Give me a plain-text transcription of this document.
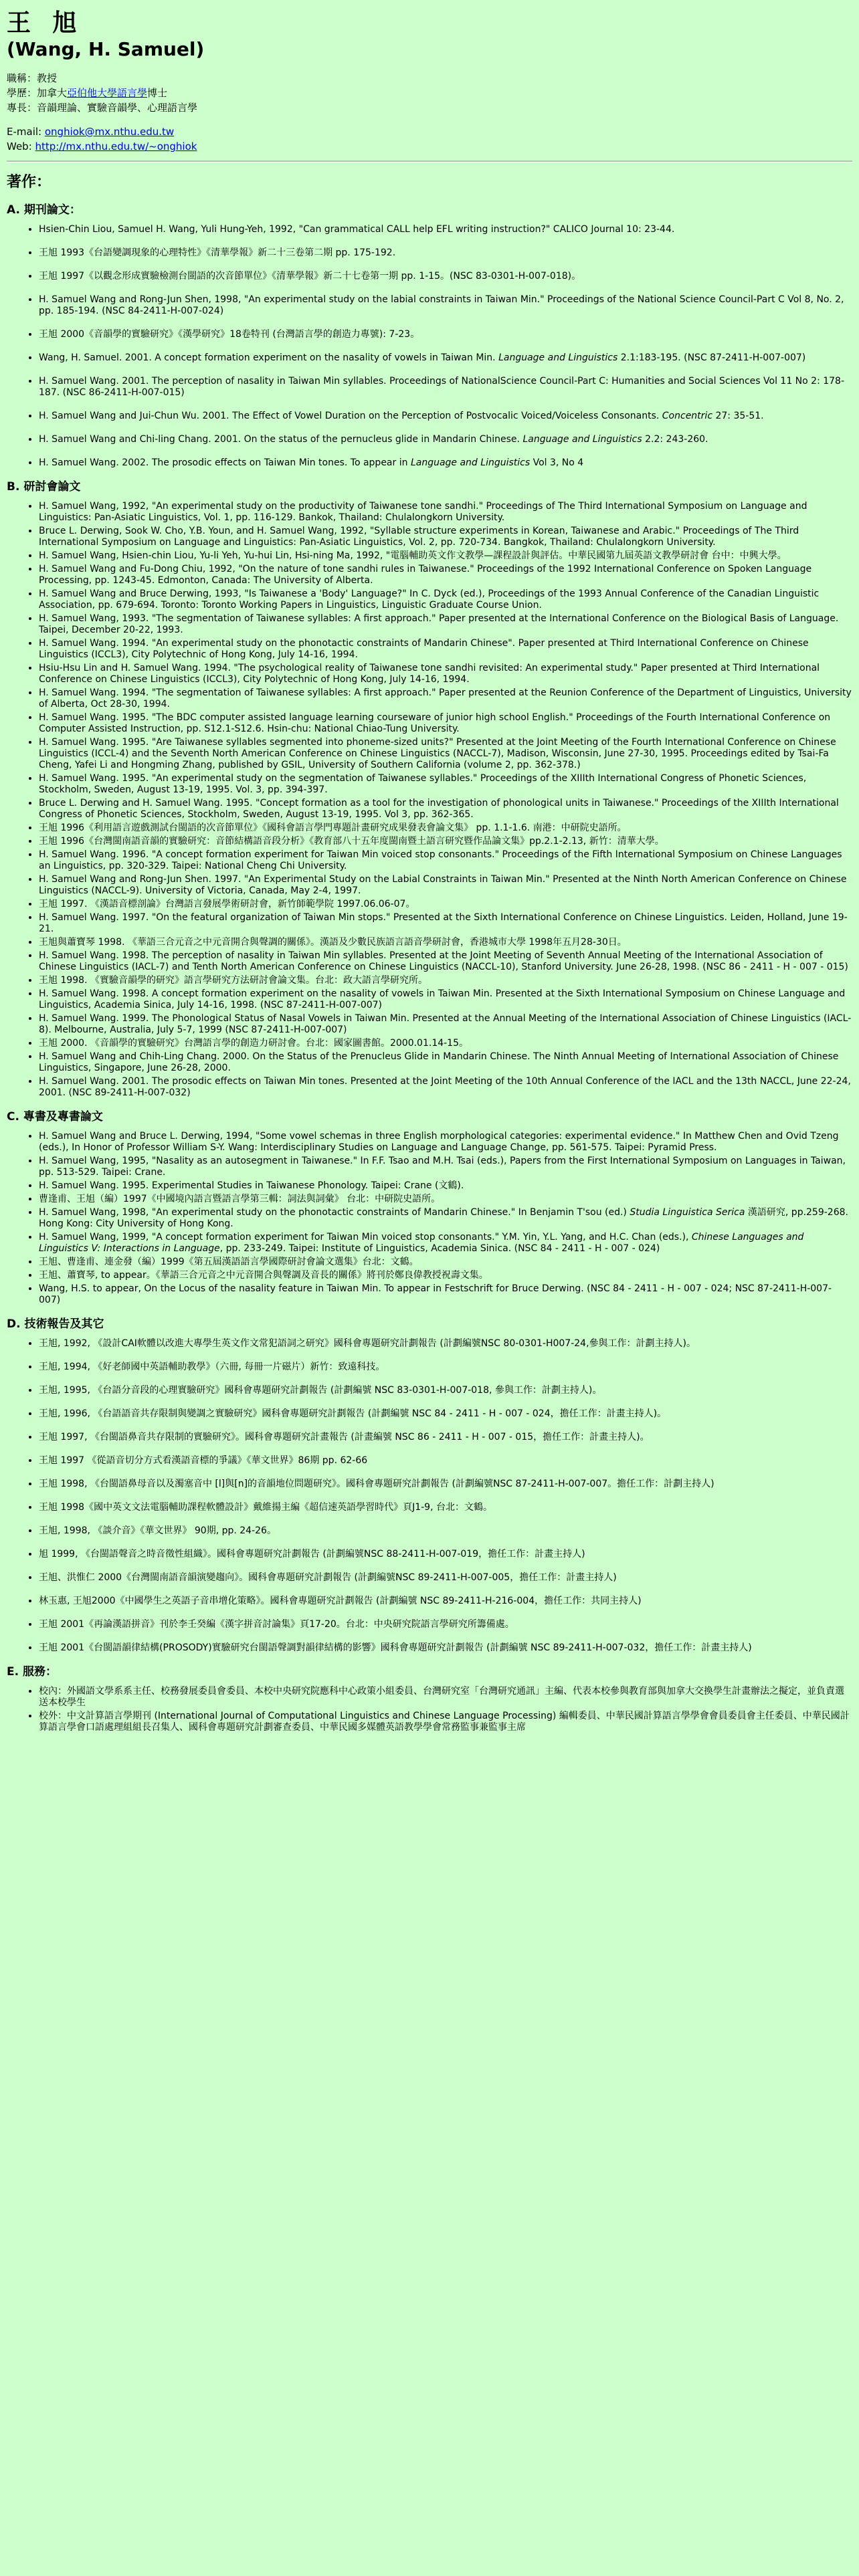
王 旭
(Wang, H. Samuel)

職稱：教授

學歷：加拿大亞伯他大學語言學博士

專長：音韻理論、實驗音韻學、心理語言學

E-mail: onghiok@mx.nthu.edu.tw

Web: http://mx.nthu.edu.tw/~onghiok

著作：
A. 期刊論文：
• Hsien-Chin Liou, Samuel H. Wang, Yuli Hung-Yeh, 1992, "Can grammatical CALL help EFL writing instruction?" CALICO Journal 10: 23-44.
• 王旭 1993《台語變調現象的心理特性》《清華學報》新二十三卷第二期 pp. 175-192.
• 王旭 1997《以觀念形成實驗檢測台閩語的次音節單位》《清華學報》新二十七卷第一期 pp. 1-15。(NSC 83-0301-H-007-018)。
• H. Samuel Wang and Rong-Jun Shen, 1998, "An experimental study on the labial constraints in Taiwan Min." Proceedings of the National Science Council-Part C Vol 8, No. 2, pp. 185-194. (NSC 84-2411-H-007-024)
• 王旭 2000《音韻學的實驗研究》《漢學研究》18卷特刊 (台灣語言學的創造力專號): 7-23。
• Wang, H. Samuel. 2001. A concept formation experiment on the nasality of vowels in Taiwan Min. Language and Linguistics 2.1:183-195. (NSC 87-2411-H-007-007)
• H. Samuel Wang. 2001. The perception of nasality in Taiwan Min syllables. Proceedings of NationalScience Council-Part C: Humanities and Social Sciences Vol 11 No 2: 178-187. (NSC 86-2411-H-007-015)
• H. Samuel Wang and Jui-Chun Wu. 2001. The Effect of Vowel Duration on the Perception of Postvocalic Voiced/Voiceless Consonants. Concentric 27: 35-51.
• H. Samuel Wang and Chi-ling Chang. 2001. On the status of the pernucleus glide in Mandarin Chinese. Language and Linguistics 2.2: 243-260.
• H. Samuel Wang. 2002. The prosodic effects on Taiwan Min tones. To appear in Language and Linguistics Vol 3, No 4
B. 研討會論文
• H. Samuel Wang, 1992, "An experimental study on the productivity of Taiwanese tone sandhi." Proceedings of The Third International Symposium on Language and Linguistics: Pan-Asiatic Linguistics, Vol. 1, pp. 116-129. Bankok, Thailand: Chulalongkorn University.
• Bruce L. Derwing, Sook W. Cho, Y.B. Youn, and H. Samuel Wang, 1992, "Syllable structure experiments in Korean, Taiwanese and Arabic." Proceedings of The Third International Symposium on Language and Linguistics: Pan-Asiatic Linguistics, Vol. 2, pp. 720-734. Bangkok, Thailand: Chulalongkorn University.
• H. Samuel Wang, Hsien-chin Liou, Yu-li Yeh, Yu-hui Lin, Hsi-ning Ma, 1992, "電腦輔助英文作文教學—課程設計與評估。中華民國第九屆英語文教學研討會 台中：中興大學。
• H. Samuel Wang and Fu-Dong Chiu, 1992, "On the nature of tone sandhi rules in Taiwanese." Proceedings of the 1992 International Conference on Spoken Language Processing, pp. 1243-45. Edmonton, Canada: The University of Alberta.
• H. Samuel Wang and Bruce Derwing, 1993, "Is Taiwanese a 'Body' Language?" In C. Dyck (ed.), Proceedings of the 1993 Annual Conference of the Canadian Linguistic Association, pp. 679-694. Toronto: Toronto Working Papers in Linguistics, Linguistic Graduate Course Union.
• H. Samuel Wang, 1993. "The segmentation of Taiwanese syllables: A first approach." Paper presented at the International Conference on the Biological Basis of Language. Taipei, December 20-22, 1993.
• H. Samuel Wang. 1994. "An experimental study on the phonotactic constraints of Mandarin Chinese". Paper presented at Third International Conference on Chinese Linguistics (ICCL3), City Polytechnic of Hong Kong, July 14-16, 1994.
• Hsiu-Hsu Lin and H. Samuel Wang. 1994. "The psychological reality of Taiwanese tone sandhi revisited: An experimental study." Paper presented at Third International Conference on Chinese Linguistics (ICCL3), City Polytechnic of Hong Kong, July 14-16, 1994.
• H. Samuel Wang. 1994. "The segmentation of Taiwanese syllables: A first approach." Paper presented at the Reunion Conference of the Department of Linguistics, University of Alberta, Oct 28-30, 1994.
• H. Samuel Wang. 1995. "The BDC computer assisted language learning courseware of junior high school English." Proceedings of the Fourth International Conference on Computer Assisted Instruction, pp. S12.1-S12.6. Hsin-chu: National Chiao-Tung University.
• H. Samuel Wang. 1995. "Are Taiwanese syllables segmented into phoneme-sized units?" Presented at the Joint Meeting of the Fourth International Conference on Chinese Linguistics (ICCL-4) and the Seventh North American Conference on Chinese Linguistics (NACCL-7), Madison, Wisconsin, June 27-30, 1995. Proceedings edited by Tsai-Fa Cheng, Yafei Li and Hongming Zhang, published by GSIL, University of Southern California (volume 2, pp. 362-378.)
• H. Samuel Wang. 1995. "An experimental study on the segmentation of Taiwanese syllables." Proceedings of the XIIIth International Congress of Phonetic Sciences, Stockholm, Sweden, August 13-19, 1995. Vol. 3, pp. 394-397.
• Bruce L. Derwing and H. Samuel Wang. 1995. "Concept formation as a tool for the investigation of phonological units in Taiwanese." Proceedings of the XIIIth International Congress of Phonetic Sciences, Stockholm, Sweden, August 13-19, 1995. Vol 3, pp. 362-365.
• 王旭 1996《利用語言遊戲測試台閩語的次音節單位》《國科會語言學門專題計畫研究成果發表會論文集》 pp. 1.1-1.6. 南港：中研院史語所。
• 王旭 1996《台灣閩南語音韻的實驗研究：音節結構語音段分析》《教育部八十五年度閩南暨土語言研究暨作品論文集》pp.2.1-2.13, 新竹：清華大學。
• H. Samuel Wang. 1996. "A concept formation experiment for Taiwan Min voiced stop consonants." Proceedings of the Fifth International Symposium on Chinese Languages an Linguistics, pp. 320-329. Taipei: National Cheng Chi University.
• H. Samuel Wang and Rong-Jun Shen. 1997. "An Experimental Study on the Labial Constraints in Taiwan Min." Presented at the Ninth North American Conference on Chinese Linguistics (NACCL-9). University of Victoria, Canada, May 2-4, 1997.
• 王旭 1997. 《漢語音標剖論》台灣語言發展學術研討會，新竹師範學院 1997.06.06-07。
• H. Samuel Wang. 1997. "On the featural organization of Taiwan Min stops." Presented at the Sixth International Conference on Chinese Linguistics. Leiden, Holland, June 19-21.
• 王旭與蕭寶琴 1998. 《華語三合元音之中元音開合與聲調的關係》。漢語及少數民族語言語音學研討會，香港城市大學 1998年五月28-30日。
• H. Samuel Wang. 1998. The perception of nasality in Taiwan Min syllables. Presented at the Joint Meeting of Seventh Annual Meeting of the International Association of Chinese Linguistics (IACL-7) and Tenth North American Conference on Chinese Linguistics (NACCL-10), Stanford University. June 26-28, 1998. (NSC 86 - 2411 - H - 007 - 015)
• 王旭 1998. 《實驗音韻學的研究》語言學研究方法研討會論文集。台北：政大語言學研究所。
• H. Samuel Wang. 1998. A concept formation experiment on the nasality of vowels in Taiwan Min. Presented at the Sixth International Symposium on Chinese Language and Linguistics, Academia Sinica, July 14-16, 1998. (NSC 87-2411-H-007-007)
• H. Samuel Wang. 1999. The Phonological Status of Nasal Vowels in Taiwan Min. Presented at the Annual Meeting of the International Association of Chinese Linguistics (IACL-8). Melbourne, Australia, July 5-7, 1999 (NSC 87-2411-H-007-007)
• 王旭 2000. 《音韻學的實驗研究》台灣語言學的創造力研討會。台北：國家圖書館。2000.01.14-15。
• H. Samuel Wang and Chih-Ling Chang. 2000. On the Status of the Prenucleus Glide in Mandarin Chinese. The Ninth Annual Meeting of International Association of Chinese Linguistics, Singapore, June 26-28, 2000.
• H. Samuel Wang. 2001. The prosodic effects on Taiwan Min tones. Presented at the Joint Meeting of the 10th Annual Conference of the IACL and the 13th NACCL, June 22-24, 2001. (NSC 89-2411-H-007-032)
C. 專書及專書論文
• H. Samuel Wang and Bruce L. Derwing, 1994, "Some vowel schemas in three English morphological categories: experimental evidence." In Matthew Chen and Ovid Tzeng (eds.), In Honor of Professor William S-Y. Wang: Interdisciplinary Studies on Language and Language Change, pp. 561-575. Taipei: Pyramid Press.
• H. Samuel Wang, 1995, "Nasality as an autosegment in Taiwanese." In F.F. Tsao and M.H. Tsai (eds.), Papers from the First International Symposium on Languages in Taiwan, pp. 513-529. Taipei: Crane.
• H. Samuel Wang. 1995. Experimental Studies in Taiwanese Phonology. Taipei: Crane (文鶴).
• 曹逢甫、王旭（編）1997《中國境內語言暨語言學第三輯：詞法與詞彙》 台北：中研院史語所。
• H. Samuel Wang, 1998, "An experimental study on the phonotactic constraints of Mandarin Chinese." In Benjamin T'sou (ed.) Studia Linguistica Serica 漢語研究, pp.259-268. Hong Kong: City University of Hong Kong.
• H. Samuel Wang, 1999, "A concept formation experiment for Taiwan Min voiced stop consonants." Y.M. Yin, Y.L. Yang, and H.C. Chan (eds.), Chinese Languages and Linguistics V: Interactions in Language, pp. 233-249. Taipei: Institute of Linguistics, Academia Sinica. (NSC 84 - 2411 - H - 007 - 024)
• 王旭、曹逢甫、連金發（編）1999《第五屆漢語語言學國際研討會論文選集》台北：文鶴。
• 王旭、蕭寶琴, to appear。《華語三合元音之中元音開合與聲調及音長的關係》將刊於鄭良偉教授祝壽文集。
• Wang, H.S. to appear, On the Locus of the nasality feature in Taiwan Min. To appear in Festschrift for Bruce Derwing. (NSC 84 - 2411 - H - 007 - 024; NSC 87-2411-H-007-007)
D. 技術報告及其它
• 王旭, 1992, 《設計CAI軟體以改進大專學生英文作文常犯語詞之研究》國科會專題研究計劃報告 (計劃編號NSC 80-0301-H007-24,參與工作：計劃主持人)。
• 王旭, 1994, 《好老師國中英語輔助教學》（六冊, 每冊一片磁片）新竹：致遠科技。
• 王旭, 1995, 《台語分音段的心理實驗研究》國科會專題研究計劃報告 (計劃編號 NSC 83-0301-H-007-018, 參與工作：計劃主持人)。
• 王旭, 1996, 《台語語音共存限制與變調之實驗研究》國科會專題研究計劃報告 (計劃編號 NSC 84 - 2411 - H - 007 - 024，擔任工作：計畫主持人)。
• 王旭 1997, 《台閩語鼻音共存限制的實驗研究》。國科會專題研究計畫報告 (計畫編號 NSC 86 - 2411 - H - 007 - 015，擔任工作：計畫主持人)。
• 王旭 1997 《從語音切分方式看漢語音標的爭議》《華文世界》86期 pp. 62-66
• 王旭 1998, 《台閩語鼻母音以及濁塞音中 [l]與[n]的音韻地位問題研究》。國科會專題研究計劃報告 (計劃編號NSC 87-2411-H-007-007。擔任工作：計劃主持人)
• 王旭 1998《國中英文文法電腦輔助課程軟體設計》戴維揚主編《超信速英語學習時代》頁J1-9, 台北：文鶴。
• 王旭, 1998, 《談介音》《華文世界》 90期, pp. 24-26。
• 旭 1999, 《台閩語聲音之時音徵性組織》。國科會專題研究計劃報告 (計劃編號NSC 88-2411-H-007-019，擔任工作：計畫主持人)
• 王旭、洪惟仁 2000《台灣閩南語音韻演變趨向》。國科會專題研究計劃報告 (計劃編號NSC 89-2411-H-007-005，擔任工作：計畫主持人)
• 林玉惠, 王旭2000《中國學生之英語子音串增化策略》。國科會專題研究計劃報告 (計劃編號 NSC 89-2411-H-216-004，擔任工作：共同主持人)
• 王旭 2001《再論漢語拼音》刊於李壬癸編《漢字拼音討論集》頁17-20。台北：中央研究院語言學研究所籌備處。
• 王旭 2001《台閩語韻律結構(PROSODY)實驗研究台閩語聲調對韻律結構的影響》國科會專題研究計劃報告 (計劃編號 NSC 89-2411-H-007-032，擔任工作：計畫主持人)
E. 服務：
• 校內：外國語文學系系主任、校務發展委員會委員、本校中央研究院應科中心政策小組委員、台灣研究室「台灣研究通訊」主編、代表本校參與教育部與加拿大交換學生計畫辦法之擬定，並負責選送本校學生
• 校外：中文計算語言學期刊 (International Journal of Computational Linguistics and Chinese Language Processing) 編輯委員、中華民國計算語言學學會會員委員會主任委員、中華民國計算語言學會口語處理組組長召集人、國科會專題研究計劃審查委員、中華民國多媒體英語教學學會常務監事兼監事主席
